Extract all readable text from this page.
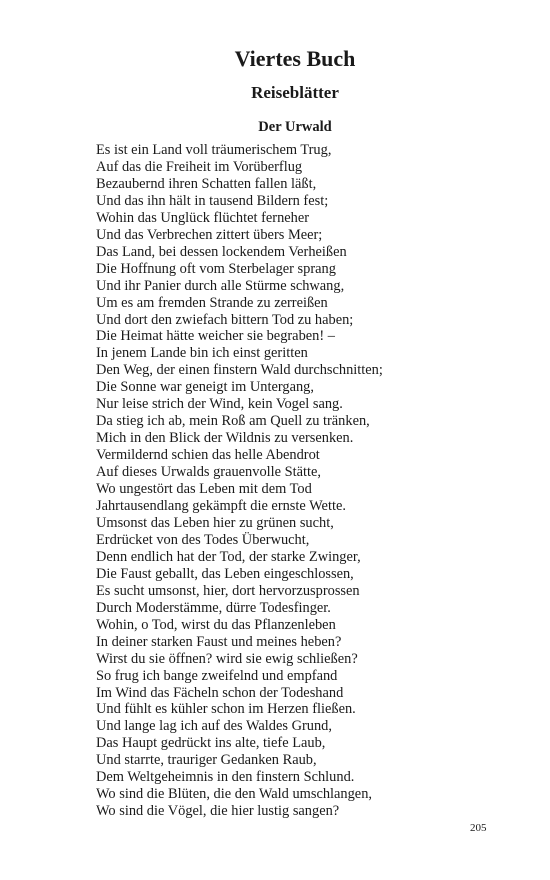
Viertes Buch
Reiseblätter
Der Urwald
Es ist ein Land voll träumerischem Trug,
Auf das die Freiheit im Vorüberflug
Bezaubernd ihren Schatten fallen läßt,
Und das ihn hält in tausend Bildern fest;
Wohin das Unglück flüchtet ferneher
Und das Verbrechen zittert übers Meer;
Das Land, bei dessen lockendem Verheißen
Die Hoffnung oft vom Sterbelager sprang
Und ihr Panier durch alle Stürme schwang,
Um es am fremden Strande zu zerreißen
Und dort den zwiefach bittern Tod zu haben;
Die Heimat hätte weicher sie begraben! –
In jenem Lande bin ich einst geritten
Den Weg, der einen finstern Wald durchschnitten;
Die Sonne war geneigt im Untergang,
Nur leise strich der Wind, kein Vogel sang.
Da stieg ich ab, mein Roß am Quell zu tränken,
Mich in den Blick der Wildnis zu versenken.
Vermildernd schien das helle Abendrot
Auf dieses Urwalds grauenvolle Stätte,
Wo ungestört das Leben mit dem Tod
Jahrtausendlang gekämpft die ernste Wette.
Umsonst das Leben hier zu grünen sucht,
Erdrücket von des Todes Überwucht,
Denn endlich hat der Tod, der starke Zwinger,
Die Faust geballt, das Leben eingeschlossen,
Es sucht umsonst, hier, dort hervorzusprossen
Durch Moderstämme, dürre Todesfinger.
Wohin, o Tod, wirst du das Pflanzenleben
In deiner starken Faust und meines heben?
Wirst du sie öffnen? wird sie ewig schließen?
So frug ich bange zweifelnd und empfand
Im Wind das Fächeln schon der Todeshand
Und fühlt es kühler schon im Herzen fließen.
Und lange lag ich auf des Waldes Grund,
Das Haupt gedrückt ins alte, tiefe Laub,
Und starrte, trauriger Gedanken Raub,
Dem Weltgeheimnis in den finstern Schlund.
Wo sind die Blüten, die den Wald umschlangen,
Wo sind die Vögel, die hier lustig sangen?
205
